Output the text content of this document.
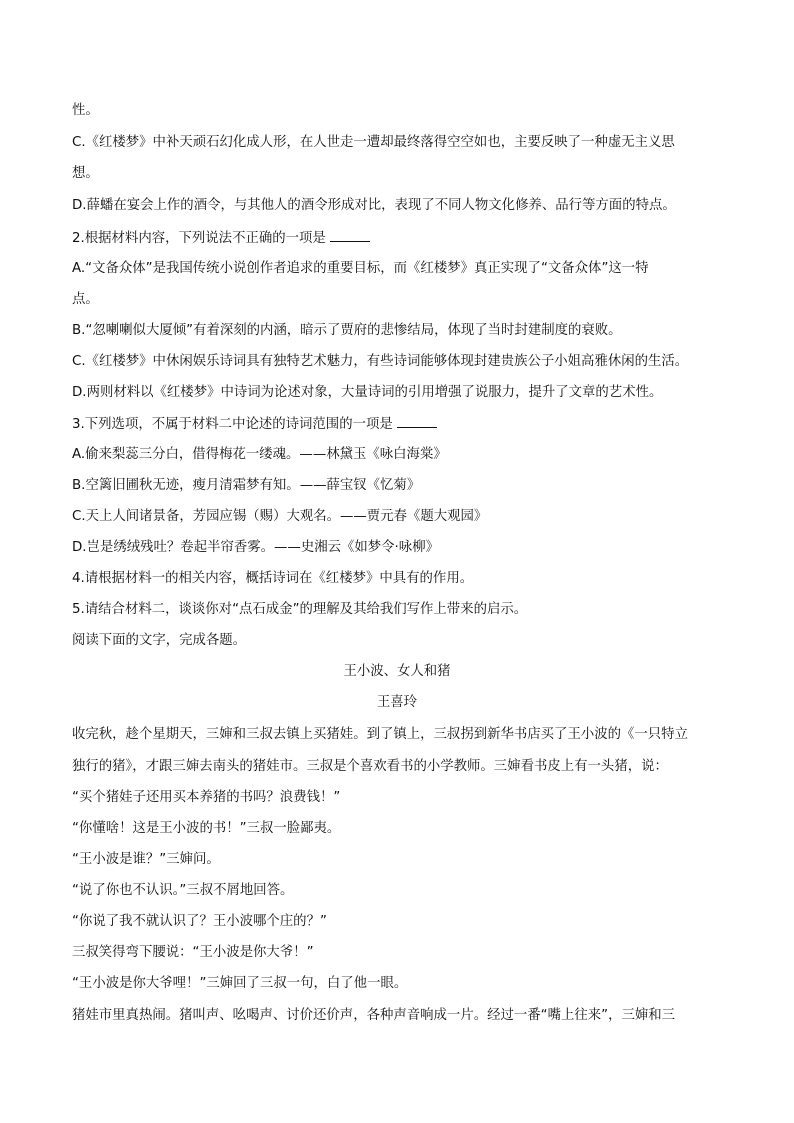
性。
C.《红楼梦》中补天顽石幻化成人形，在人世走一遭却最终落得空空如也，主要反映了一种虚无主义思
想。
D.薛蟠在宴会上作的酒令，与其他人的酒令形成对比，表现了不同人物文化修养、品行等方面的特点。
2.根据材料内容，下列说法不正确的一项是
A.“文备众体”是我国传统小说创作者追求的重要目标，而《红楼梦》真正实现了“文备众体”这一特
点。
B.“忽喇喇似大厦倾”有着深刻的内涵，暗示了贾府的悲惨结局，体现了当时封建制度的衰败。
C.《红楼梦》中休闲娱乐诗词具有独特艺术魅力，有些诗词能够体现封建贵族公子小姐高雅休闲的生活。
D.两则材料以《红楼梦》中诗词为论述对象，大量诗词的引用增强了说服力，提升了文章的艺术性。
3.下列选项，不属于材料二中论述的诗词范围的一项是
A.偷来梨蕊三分白，借得梅花一缕魂。——林黛玉《咏白海棠》
B.空篱旧圃秋无迹，瘦月清霜梦有知。——薛宝钗《忆菊》
C.天上人间诸景备，芳园应锡（赐）大观名。——贾元春《题大观园》
D.岂是绣绒残吐？卷起半帘香雾。——史湘云《如梦令·咏柳》
4.请根据材料一的相关内容，概括诗词在《红楼梦》中具有的作用。
5.请结合材料二，谈谈你对“点石成金”的理解及其给我们写作上带来的启示。
阅读下面的文字，完成各题。
王小波、女人和猪
王喜玲
收完秋，趁个星期天，三婶和三叔去镇上买猪娃。到了镇上，三叔拐到新华书店买了王小波的《一只特立
独行的猪》，才跟三婶去南头的猪娃市。三叔是个喜欢看书的小学教师。三婶看书皮上有一头猪，说：
“买个猪娃子还用买本养猪的书吗？浪费钱！”
“你懂啥！这是王小波的书！”三叔一脸鄙夷。
“王小波是谁？”三婶问。
“说了你也不认识。”三叔不屑地回答。
“你说了我不就认识了？王小波哪个庄的？”
三叔笑得弯下腰说：“王小波是你大爷！”
“王小波是你大爷哩！”三婶回了三叔一句，白了他一眼。
猪娃市里真热闹。猪叫声、吆喝声、讨价还价声，各种声音响成一片。经过一番“嘴上往来”，三婶和三
